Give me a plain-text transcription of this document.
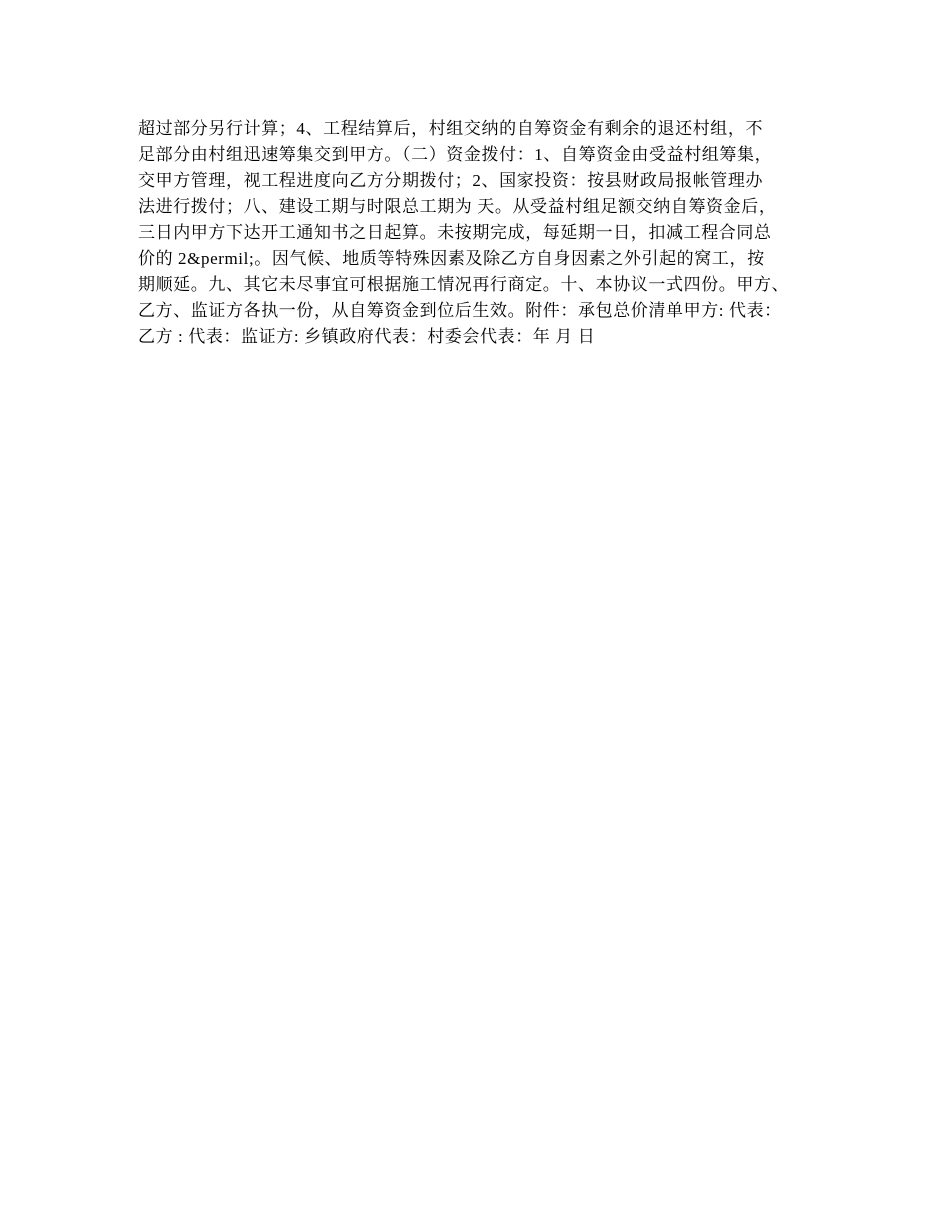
超过部分另行计算；4、工程结算后，村组交纳的自筹资金有剩余的退还村组，不
足部分由村组迅速筹集交到甲方。（二）资金拨付：1、自筹资金由受益村组筹集，
交甲方管理，视工程进度向乙方分期拨付；2、国家投资：按县财政局报帐管理办
法进行拨付；八、建设工期与时限总工期为 天。从受益村组足额交纳自筹资金后，
三日内甲方下达开工通知书之日起算。未按期完成，每延期一日，扣减工程合同总
价的 2&permil;。因气候、地质等特殊因素及除乙方自身因素之外引起的窝工，按
期顺延。九、其它未尽事宜可根据施工情况再行商定。十、本协议一式四份。甲方、
乙方、监证方各执一份，从自筹资金到位后生效。附件：承包总价清单甲方: 代表：
乙方 : 代表：监证方: 乡镇政府代表：村委会代表：年 月 日
